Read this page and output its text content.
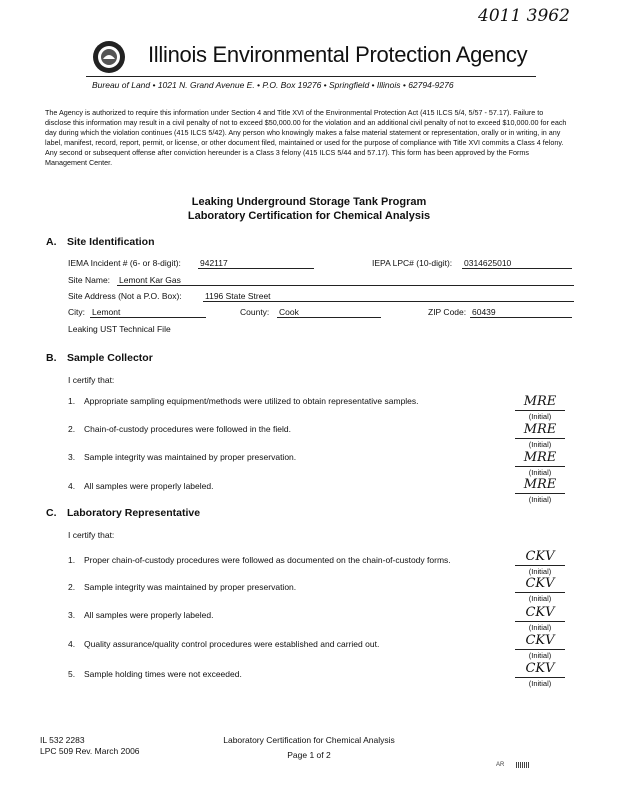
4011 3962
Illinois Environmental Protection Agency
Bureau of Land • 1021 N. Grand Avenue E. • P.O. Box 19276 • Springfield • Illinois • 62794-9276
The Agency is authorized to require this information under Section 4 and Title XVI of the Environmental Protection Act (415 ILCS 5/4, 5/57 - 57.17). Failure to disclose this information may result in a civil penalty of not to exceed $50,000.00 for the violation and an additional civil penalty of not to exceed $10,000.00 for each day during which the violation continues (415 ILCS 5/42). Any person who knowingly makes a false material statement or representation, orally or in writing, in any label, manifest, record, report, permit, or license, or other document filed, maintained or used for the purpose of compliance with Title XVI commits a Class 4 felony. Any second or subsequent offense after conviction hereunder is a Class 3 felony (415 ILCS 5/44 and 57.17). This form has been approved by the Forms Management Center.
Leaking Underground Storage Tank Program
Laboratory Certification for Chemical Analysis
A. Site Identification
IEMA Incident # (6- or 8-digit): 942117	IEPA LPC# (10-digit): 0314625010
Site Name: Lemont Kar Gas
Site Address (Not a P.O. Box):	1196 State Street
City: Lemont	County: Cook	ZIP Code: 60439
Leaking UST Technical File
B. Sample Collector
I certify that:
1. Appropriate sampling equipment/methods were utilized to obtain representative samples.	MRE
(Initial)
2. Chain-of-custody procedures were followed in the field.	MRE
(Initial)
3. Sample integrity was maintained by proper preservation.	MRE
(Initial)
4. All samples were properly labeled.	MRE
(Initial)
C. Laboratory Representative
I certify that:
1. Proper chain-of-custody procedures were followed as documented on the chain-of-custody forms.	CKV
(Initial)
2. Sample integrity was maintained by proper preservation.	CKV
(Initial)
3. All samples were properly labeled.	CKV
(Initial)
4. Quality assurance/quality control procedures were established and carried out.	CKV
(Initial)
5. Sample holding times were not exceeded.	CKV
(Initial)
IL 532 2283
LPC 509 Rev. March 2006
Laboratory Certification for Chemical Analysis
Page 1 of 2
AR
